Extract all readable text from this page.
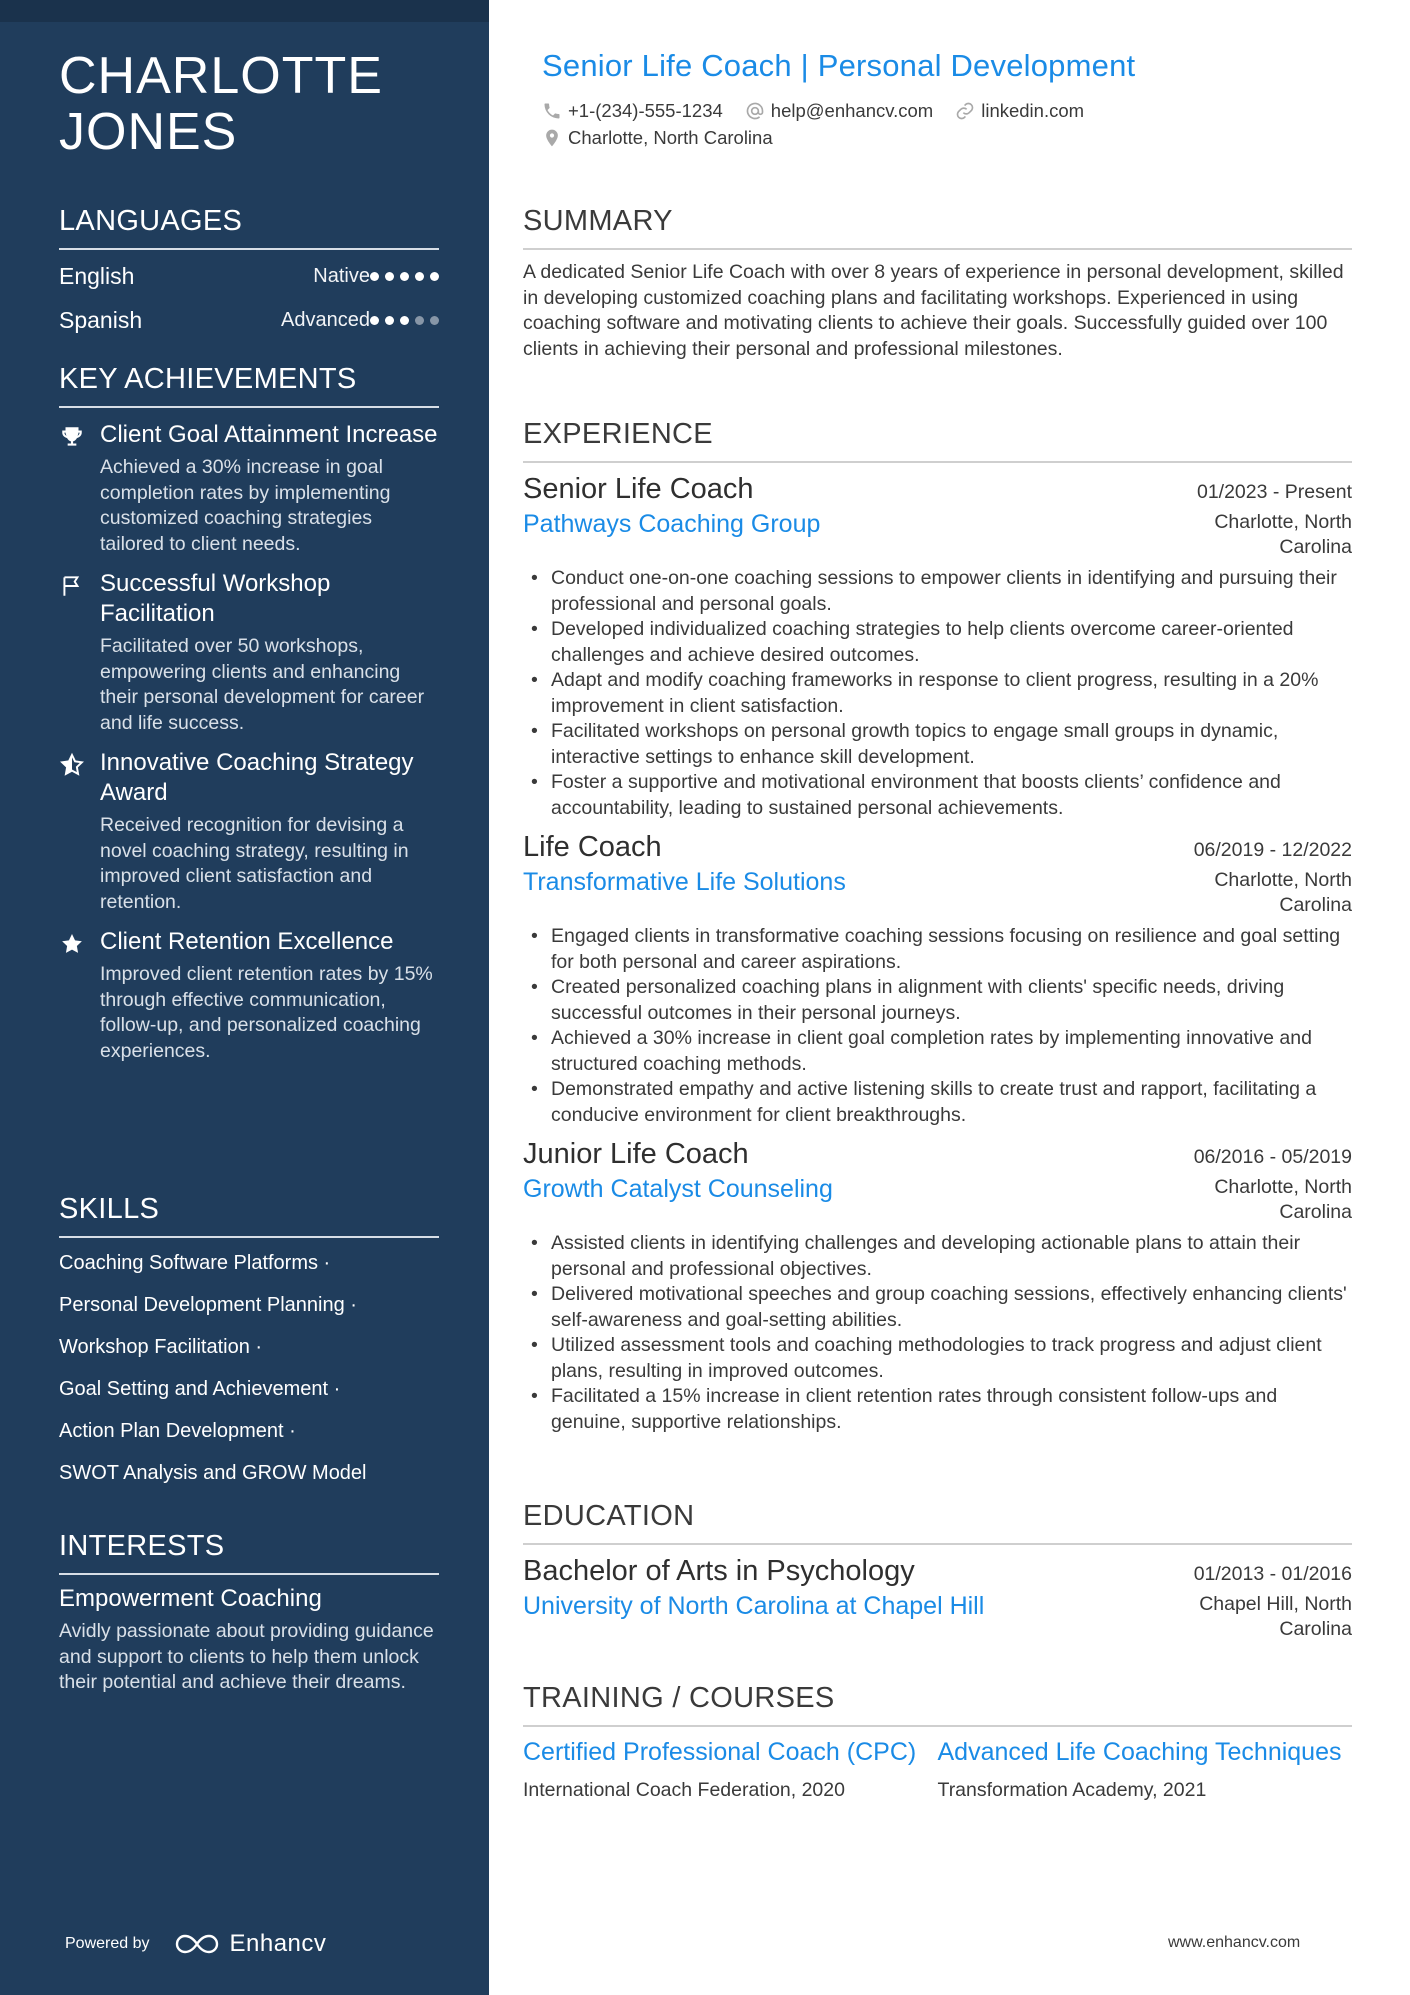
CHARLOTTE
JONES
LANGUAGES
English	Native
Spanish	Advanced
KEY ACHIEVEMENTS
Client Goal Attainment Increase
Achieved a 30% increase in goal completion rates by implementing customized coaching strategies tailored to client needs.
Successful Workshop Facilitation
Facilitated over 50 workshops, empowering clients and enhancing their personal development for career and life success.
Innovative Coaching Strategy Award
Received recognition for devising a novel coaching strategy, resulting in improved client satisfaction and retention.
Client Retention Excellence
Improved client retention rates by 15% through effective communication, follow-up, and personalized coaching experiences.
SKILLS
Coaching Software Platforms ·
Personal Development Planning ·
Workshop Facilitation ·
Goal Setting and Achievement ·
Action Plan Development ·
SWOT Analysis and GROW Model
INTERESTS
Empowerment Coaching
Avidly passionate about providing guidance and support to clients to help them unlock their potential and achieve their dreams.
Powered by	Enhancv
Senior Life Coach | Personal Development
+1-(234)-555-1234	help@enhancv.com	linkedin.com
Charlotte, North Carolina
SUMMARY
A dedicated Senior Life Coach with over 8 years of experience in personal development, skilled in developing customized coaching plans and facilitating workshops. Experienced in using coaching software and motivating clients to achieve their goals. Successfully guided over 100 clients in achieving their personal and professional milestones.
EXPERIENCE
Senior Life Coach	01/2023 - Present
Pathways Coaching Group	Charlotte, North Carolina
• Conduct one-on-one coaching sessions to empower clients in identifying and pursuing their professional and personal goals.
• Developed individualized coaching strategies to help clients overcome career-oriented challenges and achieve desired outcomes.
• Adapt and modify coaching frameworks in response to client progress, resulting in a 20% improvement in client satisfaction.
• Facilitated workshops on personal growth topics to engage small groups in dynamic, interactive settings to enhance skill development.
• Foster a supportive and motivational environment that boosts clients’ confidence and accountability, leading to sustained personal achievements.
Life Coach	06/2019 - 12/2022
Transformative Life Solutions	Charlotte, North Carolina
• Engaged clients in transformative coaching sessions focusing on resilience and goal setting for both personal and career aspirations.
• Created personalized coaching plans in alignment with clients' specific needs, driving successful outcomes in their personal journeys.
• Achieved a 30% increase in client goal completion rates by implementing innovative and structured coaching methods.
• Demonstrated empathy and active listening skills to create trust and rapport, facilitating a conducive environment for client breakthroughs.
Junior Life Coach	06/2016 - 05/2019
Growth Catalyst Counseling	Charlotte, North Carolina
• Assisted clients in identifying challenges and developing actionable plans to attain their personal and professional objectives.
• Delivered motivational speeches and group coaching sessions, effectively enhancing clients' self-awareness and goal-setting abilities.
• Utilized assessment tools and coaching methodologies to track progress and adjust client plans, resulting in improved outcomes.
• Facilitated a 15% increase in client retention rates through consistent follow-ups and genuine, supportive relationships.
EDUCATION
Bachelor of Arts in Psychology	01/2013 - 01/2016
University of North Carolina at Chapel Hill	Chapel Hill, North Carolina
TRAINING / COURSES
Certified Professional Coach (CPC)
International Coach Federation, 2020
Advanced Life Coaching Techniques
Transformation Academy, 2021
www.enhancv.com
